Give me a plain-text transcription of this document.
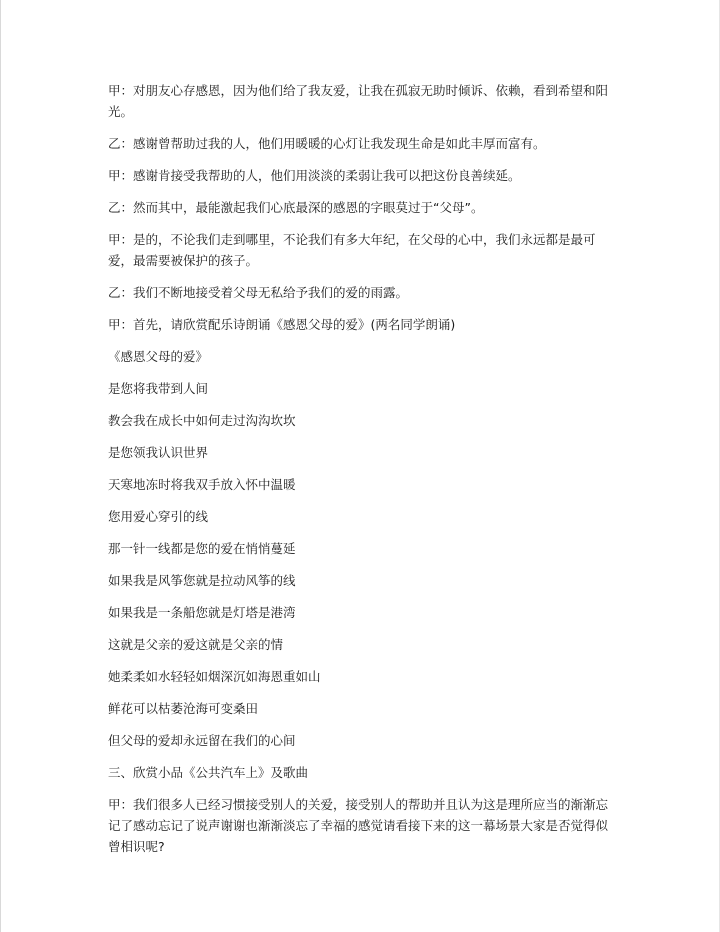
甲：对朋友心存感恩，因为他们给了我友爱，让我在孤寂无助时倾诉、依赖，看到希望和阳光。

乙：感谢曾帮助过我的人，他们用暖暖的心灯让我发现生命是如此丰厚而富有。

甲：感谢肯接受我帮助的人，他们用淡淡的柔弱让我可以把这份良善续延。

乙：然而其中，最能激起我们心底最深的感恩的字眼莫过于“父母”。

甲：是的，不论我们走到哪里，不论我们有多大年纪，在父母的心中，我们永远都是最可爱，最需要被保护的孩子。

乙：我们不断地接受着父母无私给予我们的爱的雨露。

甲：首先，请欣赏配乐诗朗诵《感恩父母的爱》(两名同学朗诵)

《感恩父母的爱》

是您将我带到人间

教会我在成长中如何走过沟沟坎坎

是您领我认识世界

天寒地冻时将我双手放入怀中温暖

您用爱心穿引的线

那一针一线都是您的爱在悄悄蔓延

如果我是风筝您就是拉动风筝的线

如果我是一条船您就是灯塔是港湾

这就是父亲的爱这就是父亲的情

她柔柔如水轻轻如烟深沉如海恩重如山

鲜花可以枯萎沧海可变桑田

但父母的爱却永远留在我们的心间

三、欣赏小品《公共汽车上》及歌曲

甲：我们很多人已经习惯接受别人的关爱，接受别人的帮助并且认为这是理所应当的渐渐忘记了感动忘记了说声谢谢也渐渐淡忘了幸福的感觉请看接下来的这一幕场景大家是否觉得似曾相识呢?
